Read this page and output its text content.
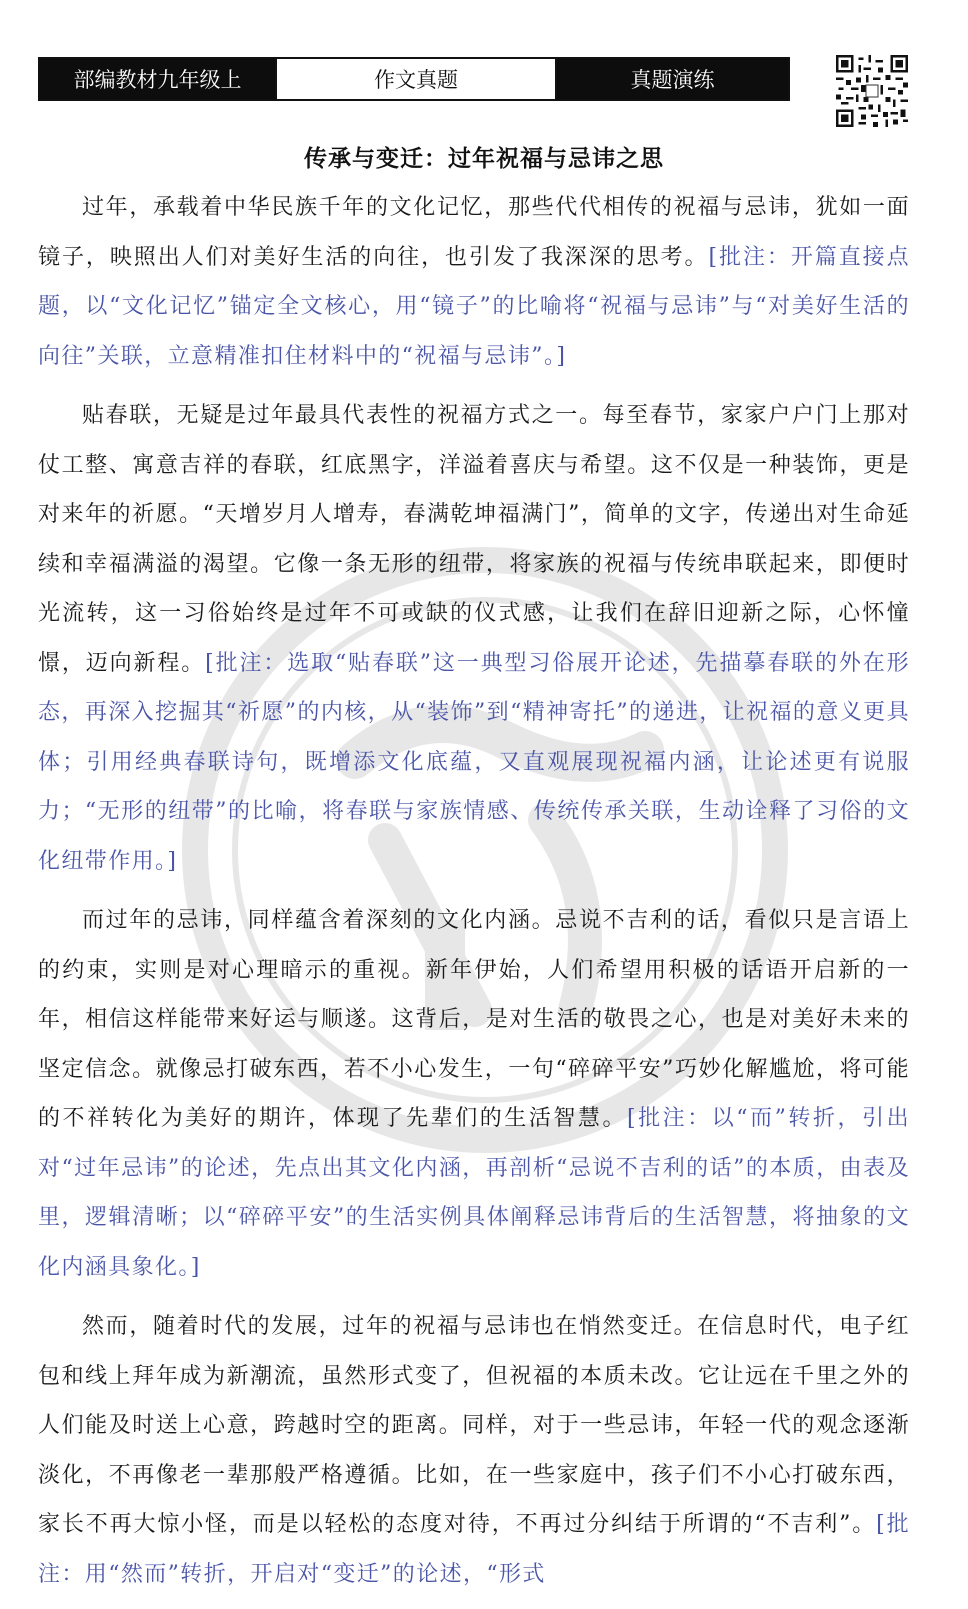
部编教材九年级上	作文真题	真题演练
传承与变迁：过年祝福与忌讳之思

过年，承载着中华民族千年的文化记忆，那些代代相传的祝福与忌讳，犹如一面镜子，映照出人们对美好生活的向往，也引发了我深深的思考。[批注：开篇直接点题，以“文化记忆”锚定全文核心，用“镜子”的比喻将“祝福与忌讳”与“对美好生活的向往”关联，立意精准扣住材料中的“祝福与忌讳”。]

贴春联，无疑是过年最具代表性的祝福方式之一。每至春节，家家户户门上那对仗工整、寓意吉祥的春联，红底黑字，洋溢着喜庆与希望。这不仅是一种装饰，更是对来年的祈愿。“天增岁月人增寿，春满乾坤福满门”，简单的文字，传递出对生命延续和幸福满溢的渴望。它像一条无形的纽带，将家族的祝福与传统串联起来，即便时光流转，这一习俗始终是过年不可或缺的仪式感，让我们在辞旧迎新之际，心怀憧憬，迈向新程。[批注：选取“贴春联”这一典型习俗展开论述，先描摹春联的外在形态，再深入挖掘其“祈愿”的内核，从“装饰”到“精神寄托”的递进，让祝福的意义更具体；引用经典春联诗句，既增添文化底蕴，又直观展现祝福内涵，让论述更有说服力；“无形的纽带”的比喻，将春联与家族情感、传统传承关联，生动诠释了习俗的文化纽带作用。]

而过年的忌讳，同样蕴含着深刻的文化内涵。忌说不吉利的话，看似只是言语上的约束，实则是对心理暗示的重视。新年伊始，人们希望用积极的话语开启新的一年，相信这样能带来好运与顺遂。这背后，是对生活的敬畏之心，也是对美好未来的坚定信念。就像忌打破东西，若不小心发生，一句“碎碎平安”巧妙化解尴尬，将可能的不祥转化为美好的期许，体现了先辈们的生活智慧。[批注：以“而”转折，引出对“过年忌讳”的论述，先点出其文化内涵，再剖析“忌说不吉利的话”的本质，由表及里，逻辑清晰；以“碎碎平安”的生活实例具体阐释忌讳背后的生活智慧，将抽象的文化内涵具象化。]

然而，随着时代的发展，过年的祝福与忌讳也在悄然变迁。在信息时代，电子红包和线上拜年成为新潮流，虽然形式变了，但祝福的本质未改。它让远在千里之外的人们能及时送上心意，跨越时空的距离。同样，对于一些忌讳，年轻一代的观念逐渐淡化，不再像老一辈那般严格遵循。比如，在一些家庭中，孩子们不小心打破东西，家长不再大惊小怪，而是以轻松的态度对待，不再过分纠结于所谓的“不吉利”。[批注：用“然而”转折，开启对“变迁”的论述，“形式
